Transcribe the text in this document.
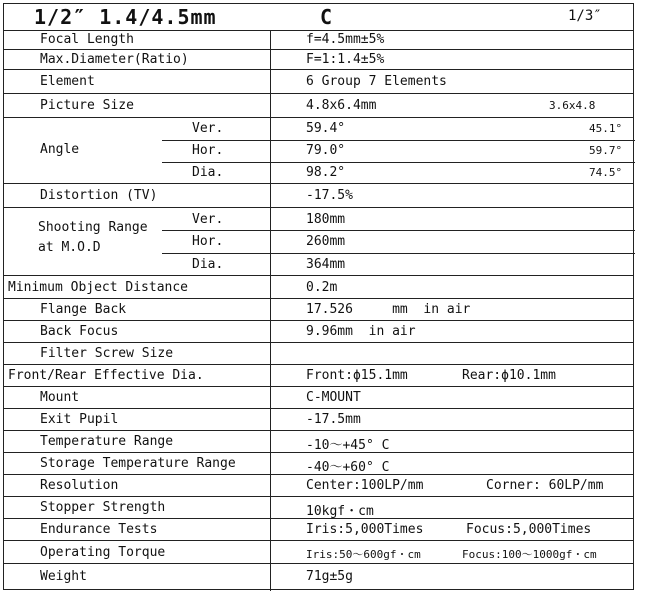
1/2″ 1.4/4.5mm	C	1/3″
Focal Length	f=4.5mm±5%
Max.Diameter(Ratio)	F=1:1.4±5%
Element	6 Group 7 Elements
Picture Size	4.8x6.4mm	3.6x4.8
Angle
Ver.	59.4°	45.1°
Hor.	79.0°	59.7°
Dia.	98.2°	74.5°
Distortion (TV)	-17.5%
Shooting Range
at M.O.D
Ver.	180mm
Hor.	260mm
Dia.	364mm
Minimum Object Distance	0.2m
Flange Back	17.526     mm  in air
Back Focus	9.96mm  in air
Filter Screw Size
Front/Rear Effective Dia.	Front:ϕ15.1mm	Rear:ϕ10.1mm
Mount	C-MOUNT
Exit Pupil	-17.5mm
Temperature Range	-10〜+45° C
Storage Temperature Range	-40〜+60° C
Resolution	Center:100LP/mm	Corner: 60LP/mm
Stopper Strength	10kgf・cm
Endurance Tests	Iris:5,000Times	Focus:5,000Times
Operating Torque	Iris:50〜600gf・cm	Focus:100〜1000gf・cm
Weight	71g±5g
